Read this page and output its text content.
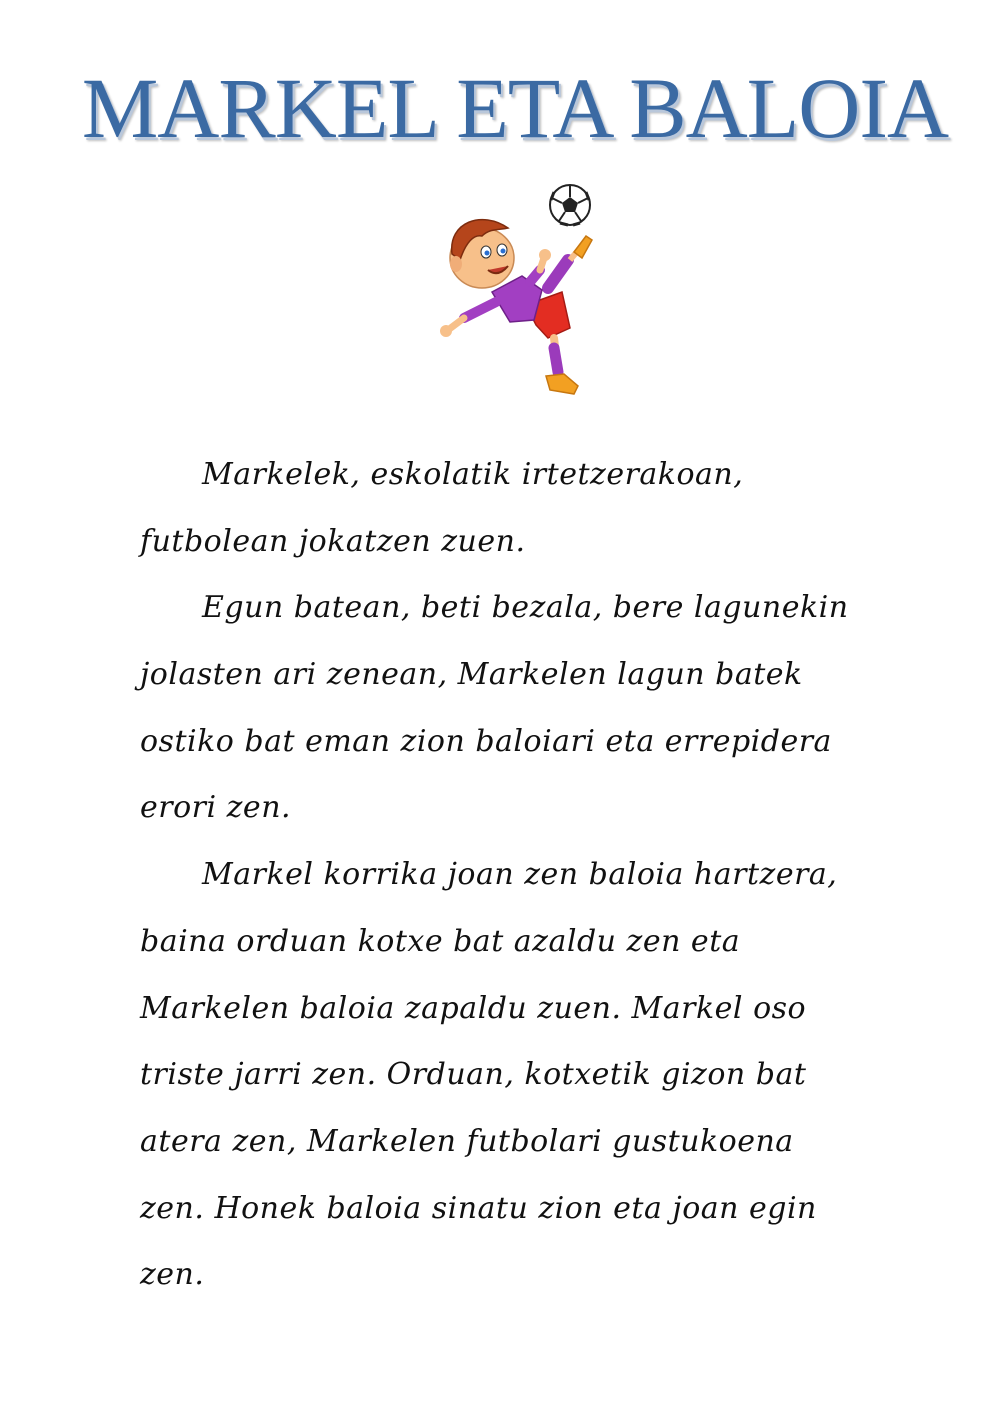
MARKEL ETA BALOIA
Markelek, eskolatik irtetzerakoan,
futbolean jokatzen zuen.
Egun batean, beti bezala, bere lagunekin
jolasten ari zenean, Markelen lagun batek
ostiko bat eman zion baloiari eta errepidera
erori zen.
Markel korrika joan zen baloia hartzera,
baina orduan kotxe bat azaldu zen eta
Markelen baloia zapaldu zuen. Markel oso
triste jarri zen. Orduan, kotxetik gizon bat
atera zen, Markelen futbolari gustukoena
zen. Honek baloia sinatu zion eta joan egin
zen.
